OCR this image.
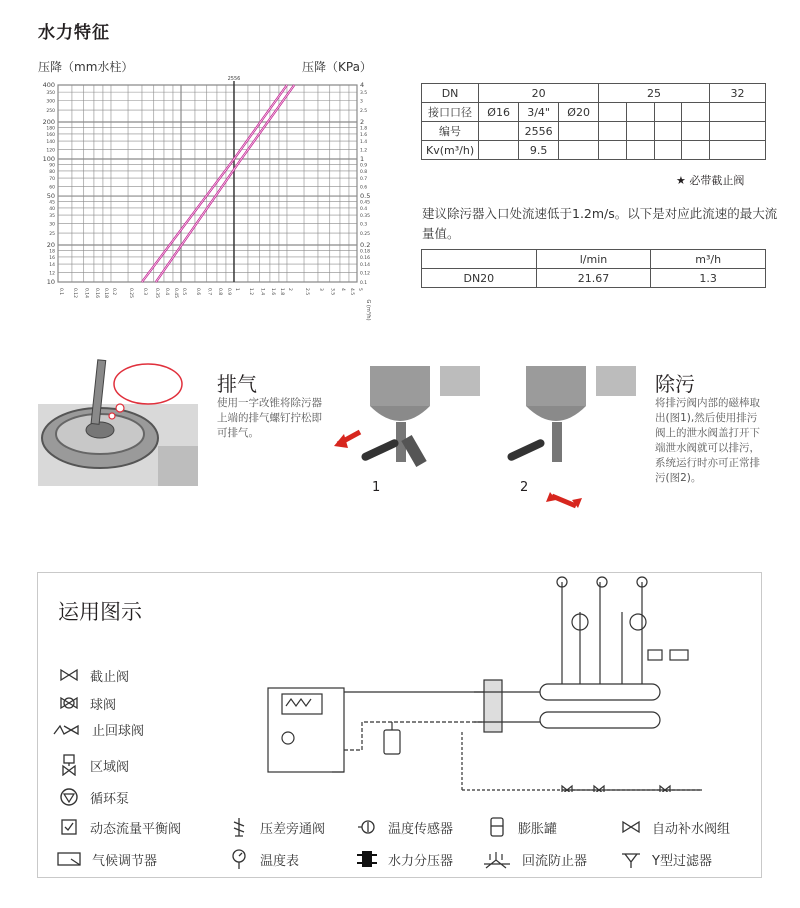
水力特征
压降（mm水柱）	压降（KPa）
0.1 0.12 0.14 0.16 0.18 0.2	0.25 0.3 0.35 0.4 0.45 0.5 0.6 0.7 0.8 0.9 1 1.2 1.4 1.6 1.8 2	2.5 3 3.5 4 4.5 5
400
200
100
50
20
10
350
300
250
180
160
140
120
90
80
70
60
45
40
35
30
25
18
16
14
12
4
2
1
0.5
0.2
3.5
3
2.5
1.8
1.6
1.4
1.2
0.9
0.8
0.7
0.6
0.45
0.4
0.35
0.3
0.25
0.18
0.16
0.14
0.12
0.1
G (m³/h)
2556
DN	20			25				32
接口口径	Ø16	3/4"	Ø20					
编号		2556						
Kv(m³/h)		9.5						
★ 必带截止阀
建议除污器入口处流速低于1.2m/s。以下是对应此流速的最大流量值。
	l/min	m³/h
DN20	21.67	1.3
排气
使用一字改锥将除污器上端的排气螺钉拧松即可排气。
1	2
除污
将排污阀内部的磁棒取出(图1),然后使用排污阀上的泄水阀盖打开下端泄水阀就可以排污，系统运行时亦可正常排污(图2)。
运用图示
截止阀
球阀
止回球阀
区域阀
循环泵
动态流量平衡阀
气候调节器
压差旁通阀
温度表
温度传感器
水力分压器
膨胀罐
回流防止器
自动补水阀组
Y型过滤器
